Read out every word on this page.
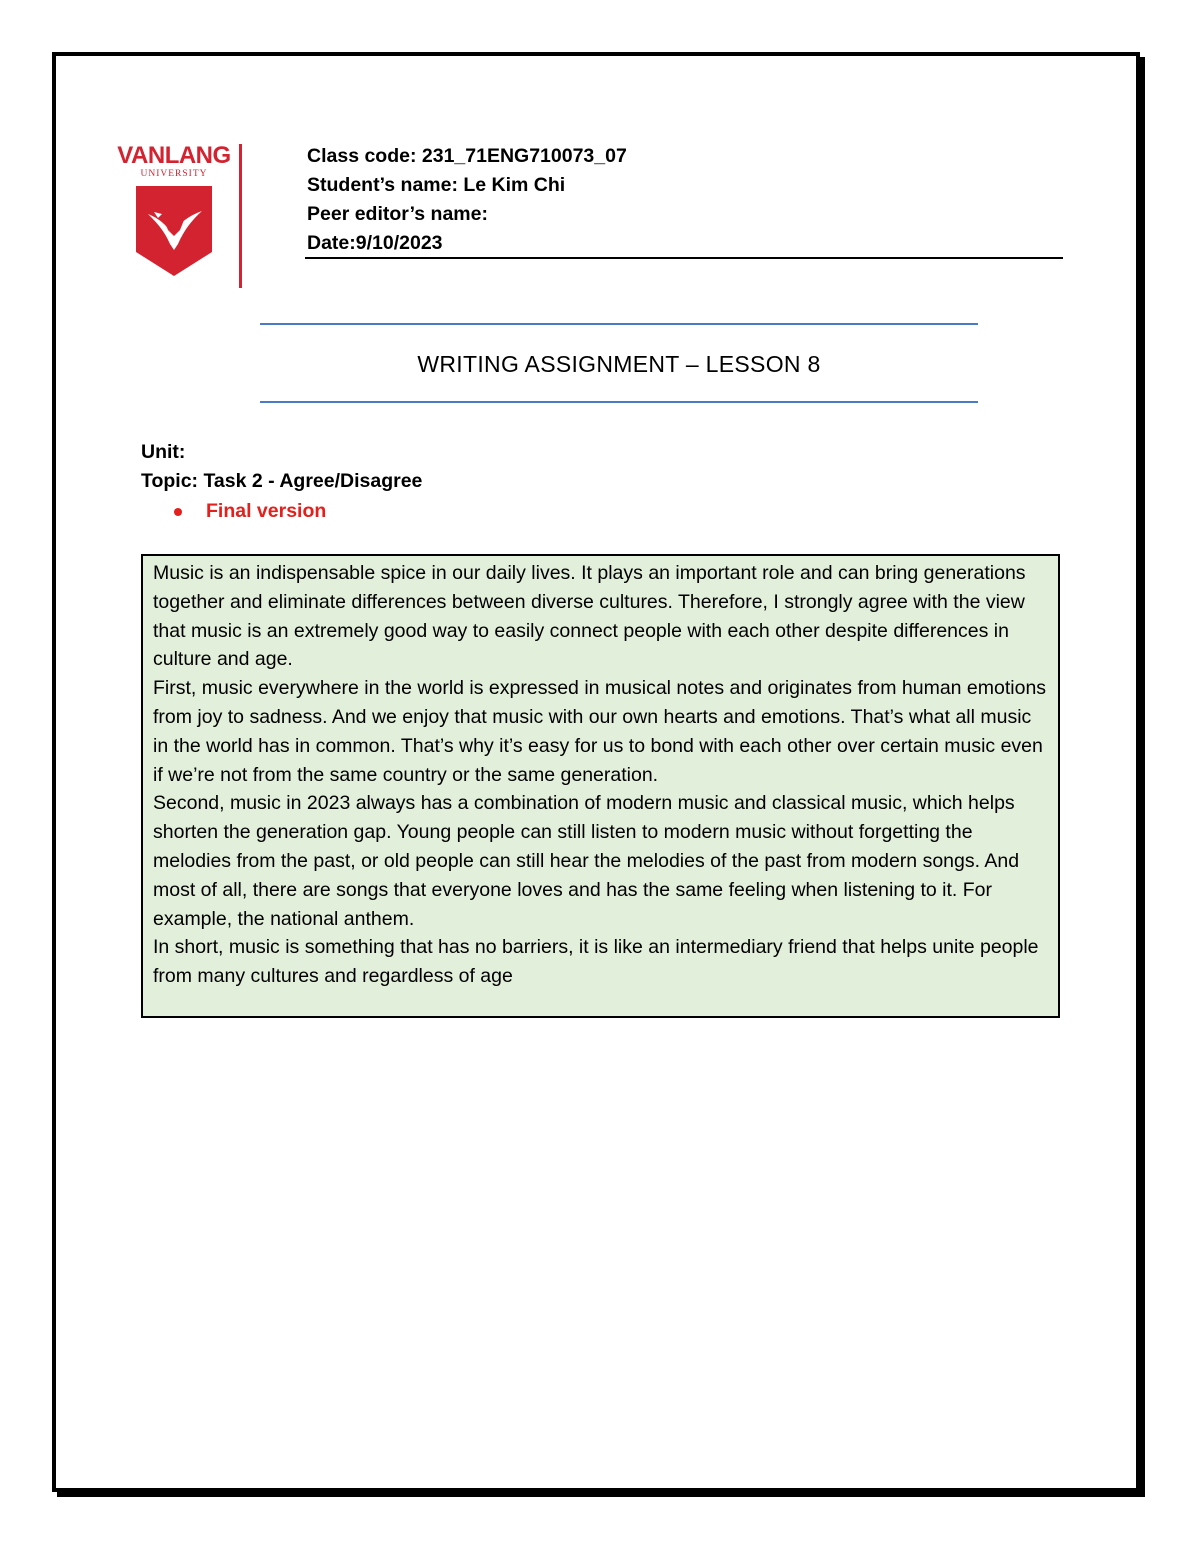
VANLANG
UNIVERSITY
Class code: 231_71ENG710073_07
Student’s name: Le Kim Chi
Peer editor’s name:
Date:9/10/2023
WRITING ASSIGNMENT – LESSON 8
Unit:
Topic: Task 2 - Agree/Disagree
Final version

Music is an indispensable spice in our daily lives. It plays an important role and can bring generations together and eliminate differences between diverse cultures. Therefore, I strongly agree with the view that music is an extremely good way to easily connect people with each other despite differences in culture and age.

First, music everywhere in the world is expressed in musical notes and originates from human emotions from joy to sadness. And we enjoy that music with our own hearts and emotions. That’s what all music in the world has in common. That’s why it’s easy for us to bond with each other over certain music even if we’re not from the same country or the same generation.

Second, music in 2023 always has a combination of modern music and classical music, which helps shorten the generation gap. Young people can still listen to modern music without forgetting the melodies from the past, or old people can still hear the melodies of the past from modern songs. And most of all, there are songs that everyone loves and has the same feeling when listening to it. For example, the national anthem.

In short, music is something that has no barriers, it is like an intermediary friend that helps unite people from many cultures and regardless of age
